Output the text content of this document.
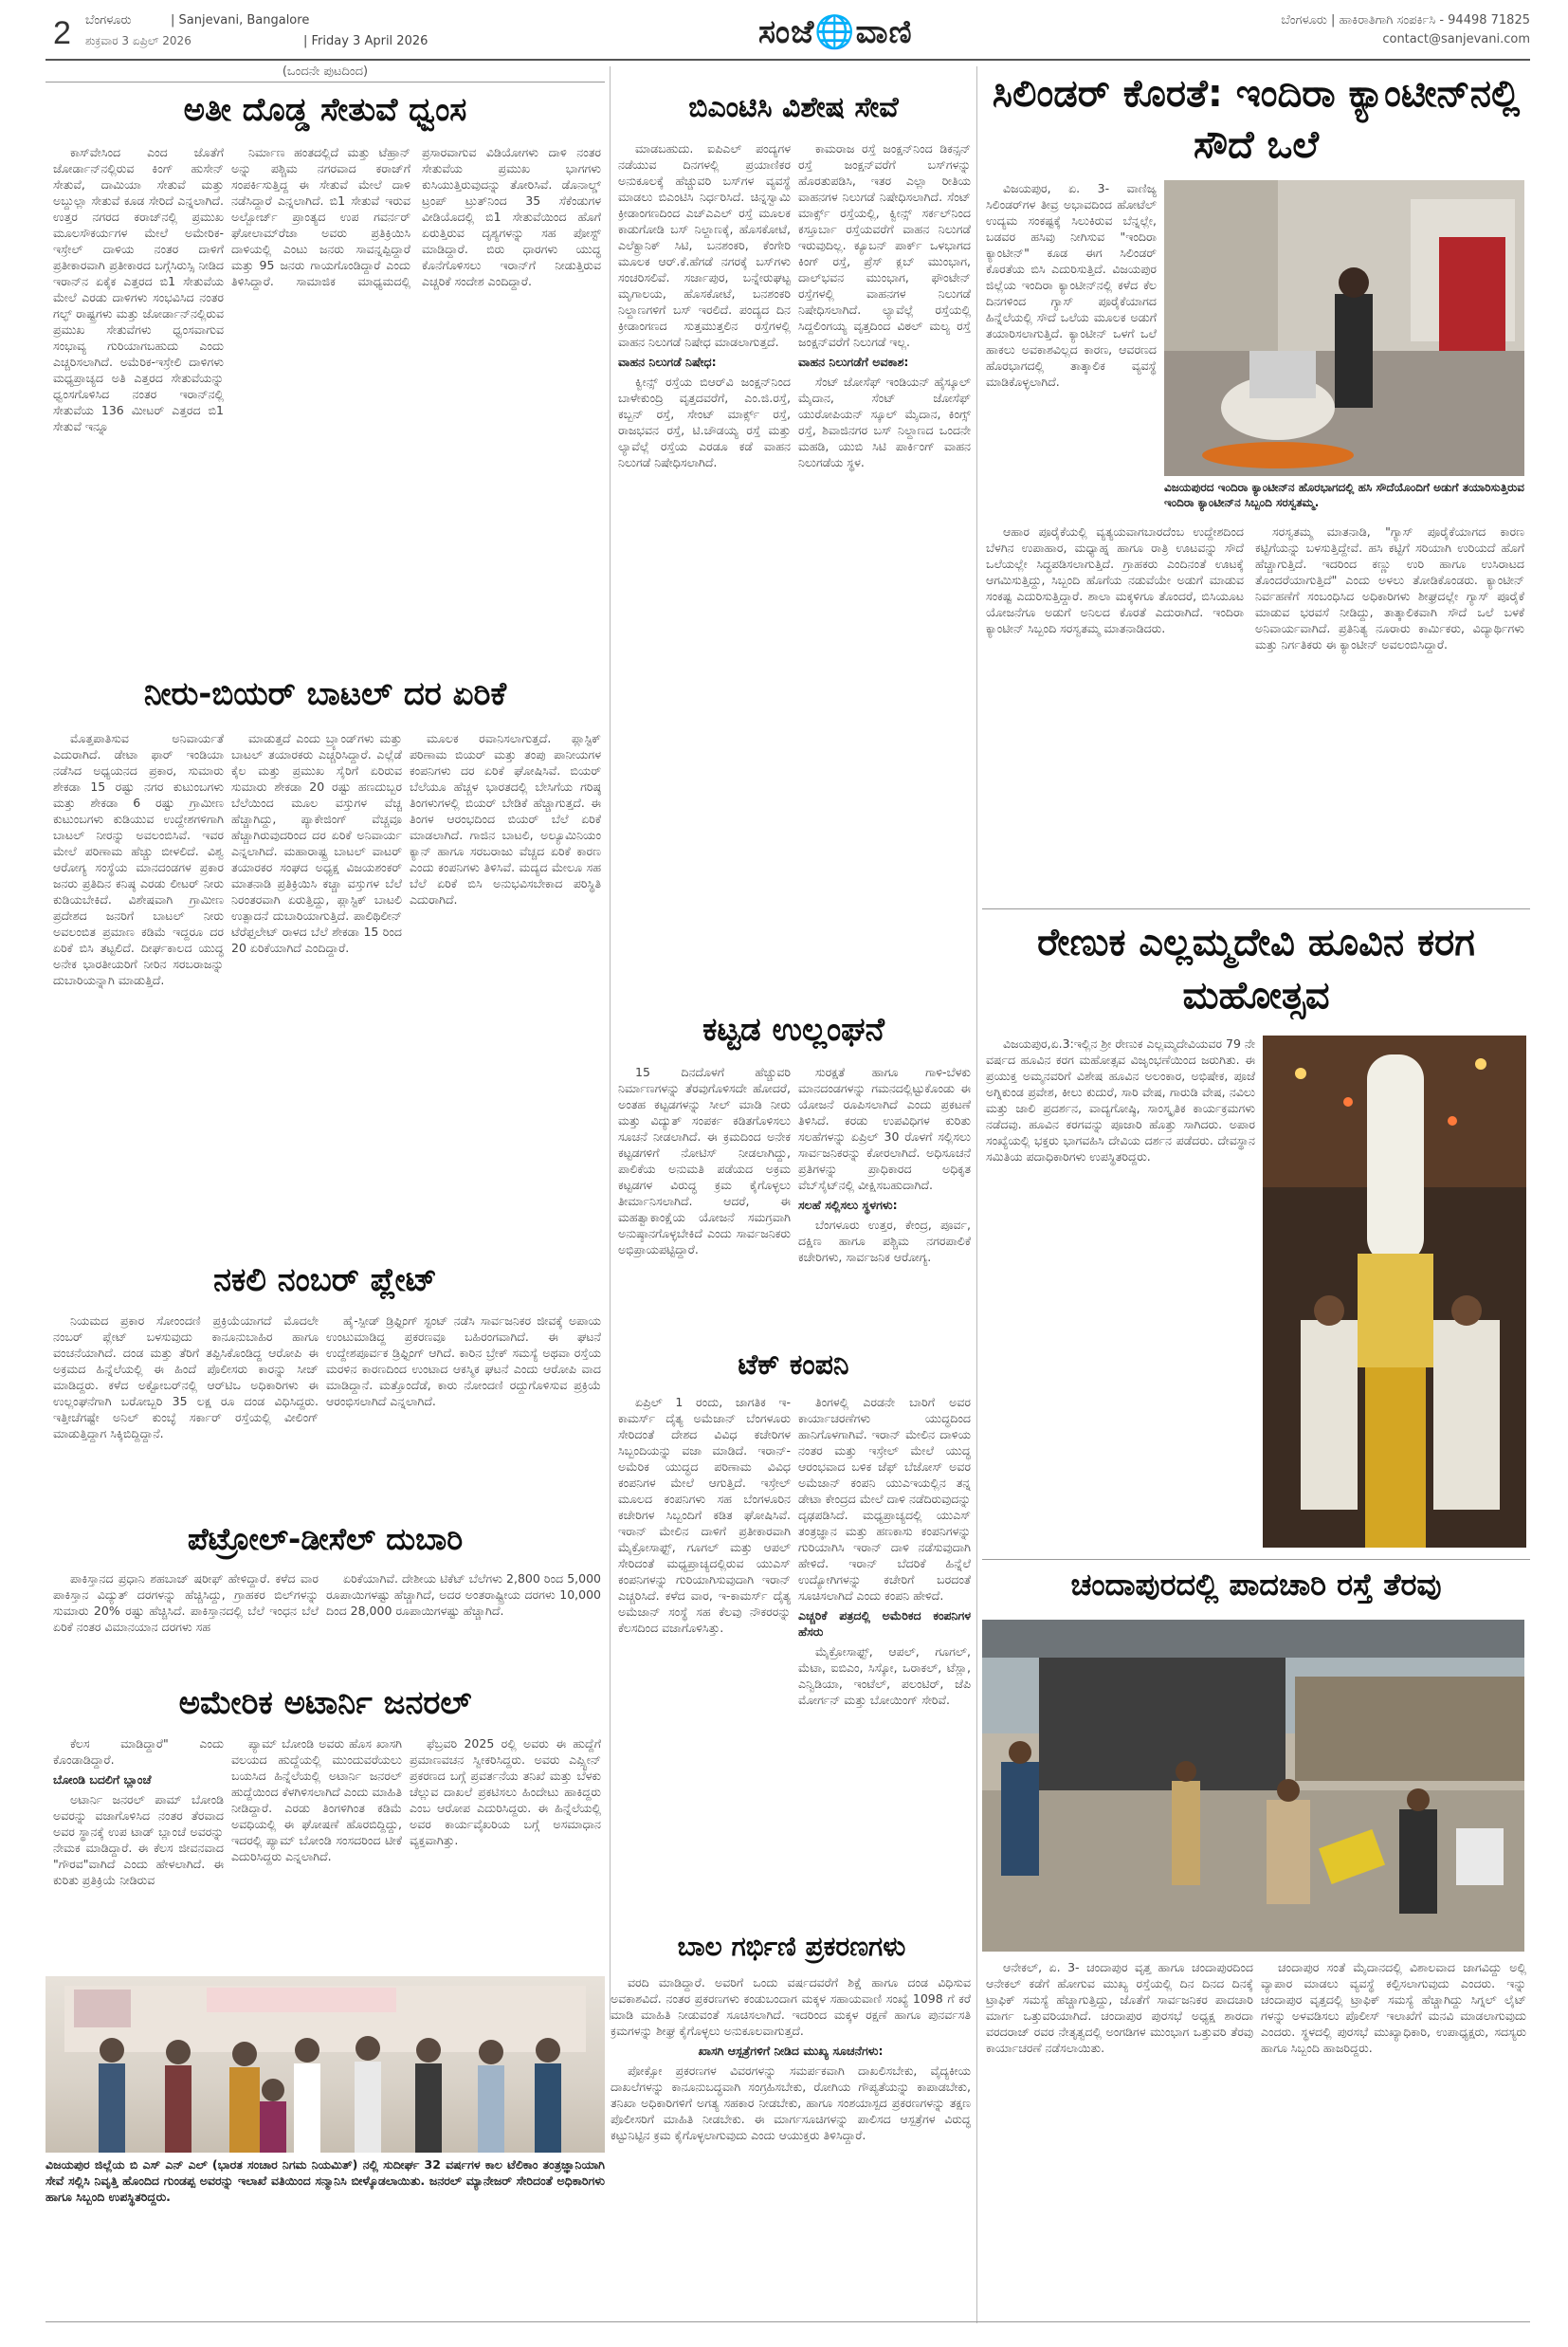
2 ಬೆಂಗಳೂರು	| Sanjevani, Bangalore
ಶುಕ್ರವಾರ 3 ಏಪ್ರಿಲ್ 2026	| Friday 3 April 2026	ಸಂಜೆ🌐ವಾಣಿ	ಬೆಂಗಳೂರು | ಹಾಕಿರಾತಿಗಾಗಿ ಸಂಪರ್ಕಿಸಿ - 94498 71825
contact@sanjevani.com
(ಒಂದನೇ ಪುಟದಿಂದ)
ಅತೀ ದೊಡ್ಡ ಸೇತುವೆ ಧ್ವಂಸ

ಕಾಸ್‌ವೇಸಿಂದ ಎಂದ ಜೊತೆಗೆ ಜೋರ್ಡಾನ್‌ನಲ್ಲಿರುವ ಕಿಂಗ್ ಹುಸೇನ್ ಸೇತುವೆ, ದಾಮಿಯಾ ಸೇತುವೆ ಮತ್ತು ಅಬ್ದುಲ್ಲಾ ಸೇತುವೆ ಕೂಡ ಸೇರಿದೆ ಎನ್ನಲಾಗಿದೆ. ಉತ್ತರ ನಗರದ ಕರಾಜ್‌ನಲ್ಲಿ ಪ್ರಮುಖ ಮೂಲಸೌಕರ್ಯಗಳ ಮೇಲೆ ಅಮೇರಿಕ-ಇಸ್ರೇಲ್ ದಾಳಿಯ ನಂತರ ದಾಳಿಗೆ ಪ್ರತೀಕಾರವಾಗಿ ಪ್ರತೀಕಾರದ ಬಗ್ಗೆಸಿರುಸ್ಸಿ ನೀಡಿದ ಇರಾನ್‌ನ ಏಕೈಕ ಎತ್ತರದ ಬಿ1 ಸೇತುವೆಯ ಮೇಲೆ ಎರಡು ದಾಳಿಗಳು ಸಂಭವಿಸಿದ ನಂತರ ಗಲ್ಫ್ ರಾಷ್ಟ್ರಗಳು ಮತ್ತು ಜೋರ್ಡಾನ್‌ನಲ್ಲಿರುವ ಪ್ರಮುಖ ಸೇತುವೆಗಳು ಧ್ವಂಸವಾಗುವ ಸಂಭಾವ್ಯ ಗುರಿಯಾಗಬಹುದು ಎಂದು ಎಚ್ಚರಿಸಲಾಗಿದೆ. ಅಮೆರಿಕ-ಇಸ್ರೇಲಿ ದಾಳಿಗಳು ಮಧ್ಯಪ್ರಾಚ್ಯದ ಅತಿ ಎತ್ತರದ ಸೇತುವೆಯನ್ನು ಧ್ವಂಸಗೊಳಿಸಿದ ನಂತರ ಇರಾನ್‌ನಲ್ಲಿ ಸೇತುವೆಯ 136 ಮೀಟರ್ ಎತ್ತರದ ಬಿ1 ಸೇತುವೆ ಇನ್ನೂ

ನಿರ್ಮಾಣ ಹಂತದಲ್ಲಿದೆ ಮತ್ತು ಟೆಹ್ರಾನ್ ಅನ್ನು ಪಶ್ಚಿಮ ನಗರವಾದ ಕರಾಜ್‌ಗೆ ಸಂಪರ್ಕಿಸುತ್ತಿದ್ದ ಈ ಸೇತುವೆ ಮೇಲೆ ದಾಳಿ ನಡೆಸಿದ್ದಾರೆ ಎನ್ನಲಾಗಿದೆ. ಬಿ1 ಸೇತುವೆ ಇರುವ ಅಲ್ಬೋರ್ಜ್ ಪ್ರಾಂತ್ಯದ ಉಪ ಗವರ್ನರ್ ಘೋಲಾಮ್‌ರೆಜಾ ಅವರು ಪ್ರತಿಕ್ರಿಯಿಸಿ ದಾಳಿಯಲ್ಲಿ ಎಂಟು ಜನರು ಸಾವನ್ನಪ್ಪಿದ್ದಾರೆ ಮತ್ತು 95 ಜನರು ಗಾಯಗೊಂಡಿದ್ದಾರೆ ಎಂದು ತಿಳಿಸಿದ್ದಾರೆ. ಸಾಮಾಜಿಕ ಮಾಧ್ಯಮದಲ್ಲಿ ಪ್ರಸಾರವಾಗುವ ವಿಡಿಯೋಗಳು ದಾಳಿ ನಂತರ ಸೇತುವೆಯ ಪ್ರಮುಖ ಭಾಗಗಳು ಕುಸಿಯುತ್ತಿರುವುದನ್ನು ತೋರಿಸಿವೆ. ಡೊನಾಲ್ಡ್ ಟ್ರಂಪ್ ಟ್ರುತ್‌ನಿಂದ 35 ಸೆಕೆಂಡುಗಳ ವೀಡಿಯೊದಲ್ಲಿ ಬಿ1 ಸೇತುವೆಯಿಂದ ಹೊಗೆ ಏರುತ್ತಿರುವ ದೃಶ್ಯಗಳನ್ನು ಸಹ ಪೋಸ್ಟ್ ಮಾಡಿದ್ದಾರೆ. ಬಿರು ಧಾರಗಳು ಯುದ್ಧ ಕೊನೆಗೊಳಿಸಲು ಇರಾನ್‌ಗೆ ನೀಡುತ್ತಿರುವ ಎಚ್ಚರಿಕೆ ಸಂದೇಶ ಎಂದಿದ್ದಾರೆ.

ನೀರು-ಬಿಯರ್ ಬಾಟಲ್ ದರ ಏರಿಕೆ

ಮೊತ್ತಪಾತಿಸುವ ಅನಿವಾರ್ಯತೆ ಎದುರಾಗಿದೆ. ಡೇಟಾ ಫಾರ್ ಇಂಡಿಯಾ ನಡೆಸಿದ ಅಧ್ಯಯನದ ಪ್ರಕಾರ, ಸುಮಾರು ಶೇಕಡಾ 15 ರಷ್ಟು ನಗರ ಕುಟುಂಬಗಳು ಮತ್ತು ಶೇಕಡಾ 6 ರಷ್ಟು ಗ್ರಾಮೀಣ ಕುಟುಂಬಗಳು ಕುಡಿಯುವ ಉದ್ದೇಶಗಳಿಗಾಗಿ ಬಾಟಲ್ ನೀರನ್ನು ಅವಲಂಬಿಸಿವೆ. ಇವರ ಮೇಲೆ ಪರಿಣಾಮ ಹೆಚ್ಚು ಬೀಳಲಿದೆ. ವಿಶ್ವ ಆರೋಗ್ಯ ಸಂಸ್ಥೆಯ ಮಾನದಂಡಗಳ ಪ್ರಕಾರ ಜನರು ಪ್ರತಿದಿನ ಕನಿಷ್ಠ ಎರಡು ಲೀಟರ್ ನೀರು ಕುಡಿಯಬೇಕಿದೆ. ವಿಶೇಷವಾಗಿ ಗ್ರಾಮೀಣ ಪ್ರದೇಶದ ಜನರಿಗೆ ಬಾಟಲ್ ನೀರು ಅವಲಂಬಿತ ಪ್ರಮಾಣ ಕಡಿಮೆ ಇದ್ದರೂ ದರ ಏರಿಕೆ ಬಿಸಿ ತಟ್ಟಲಿದೆ. ದೀರ್ಘಕಾಲದ ಯುದ್ಧ ಅನೇಕ ಭಾರತೀಯರಿಗೆ ನೀರಿನ ಸರಬರಾಜನ್ನು ದುಬಾರಿಯನ್ನಾಗಿ ಮಾಡುತ್ತಿದೆ.

ಮಾಡುತ್ತದೆ ಎಂದು ಬ್ರ್ಯಾಂಡ್‌ಗಳು ಮತ್ತು ಬಾಟಲ್ ತಯಾರಕರು ಎಚ್ಚರಿಸಿದ್ದಾರೆ. ಎಲ್ಲೆಡೆ ಕೈಲ ಮತ್ತು ಪ್ರಮುಖ ಸೈರಿಗೆ ಏರಿರುವ ಸುಮಾರು ಶೇಕಡಾ 20 ರಷ್ಟು ಹಣದುಬ್ಬರ ಬೆಲೆಯಿಂದ ಮೂಲ ವಸ್ತುಗಳ ವೆಚ್ಚ ಹೆಚ್ಚಾಗಿದ್ದು, ಪ್ಯಾಕೇಜಿಂಗ್ ವೆಚ್ಚವೂ ಹೆಚ್ಚಾಗಿರುವುದರಿಂದ ದರ ಏರಿಕೆ ಅನಿವಾರ್ಯ ಎನ್ನಲಾಗಿದೆ. ಮಹಾರಾಷ್ಟ್ರ ಬಾಟಲ್ ವಾಟರ್ ತಯಾರಕರ ಸಂಘದ ಅಧ್ಯಕ್ಷ ವಿಜಯಶಂಕರ್ ಮಾತನಾಡಿ ಪ್ರತಿಕ್ರಿಯಿಸಿ ಕಚ್ಚಾ ವಸ್ತುಗಳ ಬೆಲೆ ನಿರಂತರವಾಗಿ ಏರುತ್ತಿದ್ದು, ಪ್ಲಾಸ್ಟಿಕ್ ಬಾಟಲಿ ಉತ್ಪಾದನೆ ದುಬಾರಿಯಾಗುತ್ತಿದೆ. ಪಾಲಿಥಿಲೀನ್ ಟೆರೆಫ್ತಲೇಟ್ ರಾಳದ ಬೆಲೆ ಶೇಕಡಾ 15 ರಿಂದ 20 ಏರಿಕೆಯಾಗಿದೆ ಎಂದಿದ್ದಾರೆ.

ಮೂಲಕ ರವಾನಿಸಲಾಗುತ್ತದೆ. ಪ್ಲಾಸ್ಟಿಕ್ ಪರಿಣಾಮ ಬಿಯರ್ ಮತ್ತು ತಂಪು ಪಾನೀಯಗಳ ಕಂಪನಿಗಳು ದರ ಏರಿಕೆ ಘೋಷಿಸಿವೆ. ಬಿಯರ್ ಬೆಲೆಯೂ ಹೆಚ್ಚಳ ಭಾರತದಲ್ಲಿ ಬೇಸಿಗೆಯ ಗರಿಷ್ಠ ತಿಂಗಳುಗಳಲ್ಲಿ ಬಿಯರ್ ಬೇಡಿಕೆ ಹೆಚ್ಚಾಗುತ್ತದೆ. ಈ ತಿಂಗಳ ಆರಂಭದಿಂದ ಬಿಯರ್ ಬೆಲೆ ಏರಿಕೆ ಮಾಡಲಾಗಿದೆ. ಗಾಜಿನ ಬಾಟಲಿ, ಅಲ್ಯೂಮಿನಿಯಂ ಕ್ಯಾನ್ ಹಾಗೂ ಸರಬರಾಜು ವೆಚ್ಚದ ಏರಿಕೆ ಕಾರಣ ಎಂದು ಕಂಪನಿಗಳು ತಿಳಿಸಿವೆ. ಮದ್ಯದ ಮೇಲೂ ಸಹ ಬೆಲೆ ಏರಿಕೆ ಬಿಸಿ ಅನುಭವಿಸಬೇಕಾದ ಪರಿಸ್ಥಿತಿ ಎದುರಾಗಿದೆ.

ನಕಲಿ ನಂಬರ್ ಪ್ಲೇಟ್

ನಿಯಮದ ಪ್ರಕಾರ ಸೋಂಂದಣಿ ಪ್ರಕ್ರಿಯೆಯಾಗದೆ ಮೊದಲೇ ನಂಬರ್ ಪ್ಲೇಟ್ ಬಳಸುವುದು ಕಾನೂನುಬಾಹಿರ ಹಾಗೂ ವಂಚನೆಯಾಗಿದೆ. ದಂಡ ಮತ್ತು ತೆರಿಗೆ ತಪ್ಪಿಸಿಕೊಂಡಿದ್ದ ಆರೋಪಿ ಈ ಅಕ್ರಮದ ಹಿನ್ನೆಲೆಯಲ್ಲಿ ಈ ಹಿಂದೆ ಪೊಲೀಸರು ಕಾರನ್ನು ಸೀಜ್ ಮಾಡಿದ್ದರು. ಕಳೆದ ಅಕ್ಟೋಬರ್‌ನಲ್ಲಿ ಆರ್‌ಟಿಒ ಅಧಿಕಾರಿಗಳು ಈ ಉಲ್ಲಂಘನೆಗಾಗಿ ಬರೋಬ್ಬರಿ 35 ಲಕ್ಷ ರೂ ದಂಡ ವಿಧಿಸಿದ್ದರು. ಇತ್ತೀಚೆಗಷ್ಟೇ ಅನಿಲ್ ಕುಂಬ್ಳೆ ಸರ್ಕಾರ್ ರಸ್ತೆಯಲ್ಲಿ ವೀಲಿಂಗ್ ಮಾಡುತ್ತಿದ್ದಾಗ ಸಿಕ್ಕಿಬಿದ್ದಿದ್ದಾನೆ.

ಹೈ-ಸ್ಪೀಡ್ ಡ್ರಿಫ್ಟಿಂಗ್ ಸ್ಟಂಟ್ ನಡೆಸಿ ಸಾರ್ವಜನಿಕರ ಜೀವಕ್ಕೆ ಅಪಾಯ ಉಂಟುಮಾಡಿದ್ದ ಪ್ರಕರಣವೂ ಬಹಿರಂಗವಾಗಿದೆ. ಈ ಘಟನೆ ಉದ್ದೇಶಪೂರ್ವಕ ಡ್ರಿಫ್ಟಿಂಗ್ ಆಗಿದೆ. ಕಾರಿನ ಬ್ರೇಕ್ ಸಮಸ್ಯೆ ಅಥವಾ ರಸ್ತೆಯ ಮರಳಿನ ಕಾರಣದಿಂದ ಉಂಟಾದ ಆಕಸ್ಮಿಕ ಘಟನೆ ಎಂದು ಆರೋಪಿ ವಾದ ಮಾಡಿದ್ದಾನೆ. ಮತ್ತೊಂದೆಡೆ, ಕಾರು ನೋಂದಣಿ ರದ್ದುಗೊಳಿಸುವ ಪ್ರಕ್ರಿಯೆ ಆರಂಭಿಸಲಾಗಿದೆ ಎನ್ನಲಾಗಿದೆ.

ಪೆಟ್ರೋಲ್-ಡೀಸೆಲ್ ದುಬಾರಿ

ಪಾಕಿಸ್ತಾನದ ಪ್ರಧಾನಿ ಶಹಬಾಜ್ ಷರೀಫ್ ಹೇಳಿದ್ದಾರೆ. ಕಳೆದ ವಾರ ಪಾಕಿಸ್ತಾನ ವಿದ್ಯುತ್ ದರಗಳನ್ನು ಹೆಚ್ಚಿಸಿದ್ದು, ಗ್ರಾಹಕರ ಬಿಲ್‌ಗಳನ್ನು ಸುಮಾರು 20% ರಷ್ಟು ಹೆಚ್ಚಿಸಿದೆ. ಪಾಕಿಸ್ತಾನದಲ್ಲಿ ಬೆಲೆ ಇಂಧನ ಬೆಲೆ ಏರಿಕೆ ನಂತರ ವಿಮಾನಯಾನ ದರಗಳು ಸಹ

ಏರಿಕೆಯಾಗಿವೆ. ದೇಶೀಯ ಟಿಕೆಟ್ ಬೆಲೆಗಳು 2,800 ರಿಂದ 5,000 ರೂಪಾಯಿಗಳಷ್ಟು ಹೆಚ್ಚಾಗಿದೆ, ಅದರ ಅಂತರಾಷ್ಟ್ರೀಯ ದರಗಳು 10,000 ದಿಂದ 28,000 ರೂಪಾಯಿಗಳಷ್ಟು ಹೆಚ್ಚಾಗಿದೆ.

ಅಮೇರಿಕ ಅಟಾರ್ನಿ ಜನರಲ್

ಕೆಲಸ ಮಾಡಿದ್ದಾರೆ" ಎಂದು ಕೊಂಡಾಡಿದ್ದಾರೆ.

ಬೋಂಡಿ ಬದಲಿಗೆ ಬ್ಲಾಂಚೆ

ಅಟಾರ್ನಿ ಜನರಲ್ ಪಾಮ್ ಬೋಂಡಿ ಅವರನ್ನು ವಜಾಗೊಳಿಸಿದ ನಂತರ ತೆರವಾದ ಅವರ ಸ್ಥಾನಕ್ಕೆ ಉಪ ಟಾಡ್ ಬ್ಲಾಂಚೆ ಅವರನ್ನು ನೇಮಕ ಮಾಡಿದ್ದಾರೆ. ಈ ಕೆಲಸ ಜೀವನವಾದ "ಗೌರವ"ವಾಗಿದೆ ಎಂದು ಹೇಳಲಾಗಿದೆ. ಈ ಕುರಿತು ಪ್ರತಿಕ್ರಿಯೆ ನೀಡಿರುವ

ಪ್ಯಾಮ್ ಬೋಂಡಿ ಅವರು ಹೊಸ ಖಾಸಗಿ ವಲಯದ ಹುದ್ದೆಯಲ್ಲಿ ಮುಂದುವರೆಯಲು ಬಯಸಿದ ಹಿನ್ನೆಲೆಯಲ್ಲಿ ಅಟಾರ್ನಿ ಜನರಲ್ ಹುದ್ದೆಯಿಂದ ಕೆಳಗಿಳಿಸಲಾಗಿದೆ ಎಂದು ಮಾಹಿತಿ ನೀಡಿದ್ದಾರೆ. ಎರಡು ತಿಂಗಳಿಗಿಂತ ಕಡಿಮೆ ಅವಧಿಯಲ್ಲಿ ಈ ಘೋಷಣೆ ಹೊರಬಿದ್ದಿದ್ದು, ಇದರಲ್ಲಿ ಪ್ಯಾಮ್ ಬೋಂಡಿ ಸಂಸದರಿಂದ ಟೀಕೆ ಎದುರಿಸಿದ್ದರು ಎನ್ನಲಾಗಿದೆ.

ಫೆಬ್ರವರಿ 2025 ರಲ್ಲಿ ಅವರು ಈ ಹುದ್ದೆಗೆ ಪ್ರಮಾಣವಚನ ಸ್ವೀಕರಿಸಿದ್ದರು. ಅವರು ಎಪ್ಸ್ಟೀನ್ ಪ್ರಕರಣದ ಬಗ್ಗೆ ಪ್ರವರ್ತನೆಯ ತನಿಖೆ ಮತ್ತು ಬೆಳಕು ಚೆಲ್ಲುವ ದಾಖಲೆ ಪ್ರಕಟಿಸಲು ಹಿಂದೇಟು ಹಾಕಿದ್ದರು ಎಂಬ ಆರೋಪ ಎದುರಿಸಿದ್ದರು. ಈ ಹಿನ್ನೆಲೆಯಲ್ಲಿ ಅವರ ಕಾರ್ಯವೈಖರಿಯ ಬಗ್ಗೆ ಅಸಮಾಧಾನ ವ್ಯಕ್ತವಾಗಿತ್ತು.

ವಿಜಯಪುರ ಜಿಲ್ಲೆಯ ಬಿ ಎಸ್ ಎನ್ ಎಲ್ (ಭಾರತ ಸಂಚಾರ ನಿಗಮ ನಿಯಮಿತ್) ನಲ್ಲಿ ಸುದೀರ್ಘ 32 ವರ್ಷಗಳ ಕಾಲ ಟೆಲಿಕಾಂ ತಂತ್ರಜ್ಞಾನಿಯಾಗಿ ಸೇವೆ ಸಲ್ಲಿಸಿ ನಿವೃತ್ತಿ ಹೊಂದಿದ ಗುಂಡಪ್ಪ ಅವರನ್ನು ಇಲಾಖೆ ವತಿಯಿಂದ ಸನ್ಮಾನಿಸಿ ಬೀಳ್ಕೊಡಲಾಯಿತು. ಜನರಲ್ ಮ್ಯಾನೇಜರ್ ಸೇರಿದಂತೆ ಅಧಿಕಾರಿಗಳು ಹಾಗೂ ಸಿಬ್ಬಂದಿ ಉಪಸ್ಥಿತರಿದ್ದರು.
ಬಿಎಂಟಿಸಿ ವಿಶೇಷ ಸೇವೆ

ಮಾಡಬಹುದು. ಐಪಿಎಲ್ ಪಂದ್ಯಗಳ ನಡೆಯುವ ದಿನಗಳಲ್ಲಿ ಪ್ರಯಾಣಿಕರ ಅನುಕೂಲಕ್ಕೆ ಹೆಚ್ಚುವರಿ ಬಸ್‌ಗಳ ವ್ಯವಸ್ಥೆ ಮಾಡಲು ಬಿಎಂಟಿಸಿ ನಿರ್ಧರಿಸಿದೆ. ಚಿನ್ನಸ್ವಾಮಿ ಕ್ರೀಡಾಂಗಣದಿಂದ ಎಚ್‌ಎಎಲ್ ರಸ್ತೆ ಮೂಲಕ ಕಾಡುಗೋಡಿ ಬಸ್ ನಿಲ್ದಾಣಕ್ಕೆ, ಹೊಸಕೋಟೆ, ಎಲೆಕ್ಟ್ರಾನಿಕ್ ಸಿಟಿ, ಬನಶಂಕರಿ, ಕೆಂಗೇರಿ ಮೂಲಕ ಆರ್.ಕೆ.ಹೆಗಡೆ ನಗರಕ್ಕೆ ಬಸ್‌ಗಳು ಸಂಚರಿಸಲಿವೆ. ಸರ್ಜಾಪುರ, ಬನ್ನೇರುಘಟ್ಟ ಮೃಗಾಲಯ, ಹೊಸಕೋಟೆ, ಬನಶಂಕರಿ ನಿಲ್ದಾಣಗಳಿಗೆ ಬಸ್ ಇರಲಿದೆ. ಪಂದ್ಯದ ದಿನ ಕ್ರೀಡಾಂಗಣದ ಸುತ್ತಮುತ್ತಲಿನ ರಸ್ತೆಗಳಲ್ಲಿ ವಾಹನ ನಿಲುಗಡೆ ನಿಷೇಧ ಮಾಡಲಾಗುತ್ತದೆ.

ವಾಹನ ನಿಲುಗಡೆ ನಿಷೇಧ:

ಕ್ವೀನ್ಸ್ ರಸ್ತೆಯ ಬಿಆರ್‌ವಿ ಜಂಕ್ಷನ್‌ನಿಂದ ಬಾಳೇಕುಂದ್ರಿ ವೃತ್ತದವರೆಗೆ, ಎಂ.ಜಿ.ರಸ್ತೆ, ಕಬ್ಬನ್ ರಸ್ತೆ, ಸೇಂಟ್ ಮಾರ್ಕ್ಸ್ ರಸ್ತೆ, ರಾಜಭವನ ರಸ್ತೆ, ಟಿ.ಚೌಡಯ್ಯ ರಸ್ತೆ ಮತ್ತು ಲ್ಯಾವೆಲ್ಲೆ ರಸ್ತೆಯ ಎರಡೂ ಕಡೆ ವಾಹನ ನಿಲುಗಡೆ ನಿಷೇಧಿಸಲಾಗಿದೆ.

ಕಾಮರಾಜ ರಸ್ತೆ ಜಂಕ್ಷನ್‌ನಿಂದ ಡಿಕನ್ಸನ್ ರಸ್ತೆ ಜಂಕ್ಷನ್‌ವರೆಗೆ ಬಸ್‌ಗಳನ್ನು ಹೊರತುಪಡಿಸಿ, ಇತರ ಎಲ್ಲಾ ರೀತಿಯ ವಾಹನಗಳ ನಿಲುಗಡೆ ನಿಷೇಧಿಸಲಾಗಿದೆ. ಸೆಂಟ್ ಮಾರ್ಕ್ಸ್ ರಸ್ತೆಯಲ್ಲಿ, ಕ್ವೀನ್ಸ್ ಸರ್ಕಲ್‌ನಿಂದ ಕಸ್ತೂರ್ಬಾ ರಸ್ತೆಯವರೆಗೆ ವಾಹನ ನಿಲುಗಡೆ ಇರುವುದಿಲ್ಲ. ಕ್ಯೂಬನ್ ಪಾರ್ಕ್ ಒಳಭಾಗದ ಕಿಂಗ್ ರಸ್ತೆ, ಪ್ರೆಸ್ ಕ್ಲಬ್ ಮುಂಭಾಗ, ದಾಲ್‌ಭವನ ಮುಂಭಾಗ, ಫೌಂಟೇನ್ ರಸ್ತೆಗಳಲ್ಲಿ ವಾಹನಗಳ ನಿಲುಗಡೆ ನಿಷೇಧಿಸಲಾಗಿದೆ. ಲ್ಯಾವೆಲ್ಲೆ ರಸ್ತೆಯಲ್ಲಿ ಸಿದ್ದಲಿಂಗಯ್ಯ ವೃತ್ತದಿಂದ ವಿಠಲ್ ಮಲ್ಯ ರಸ್ತೆ ಜಂಕ್ಷನ್‌ವರೆಗೆ ನಿಲುಗಡೆ ಇಲ್ಲ.

ವಾಹನ ನಿಲುಗಡೆಗೆ ಅವಕಾಶ:

ಸೆಂಟ್ ಜೋಸೆಫ್ ಇಂಡಿಯನ್ ಹೈಸ್ಕೂಲ್ ಮೈದಾನ, ಸೆಂಟ್ ಜೋಸೆಫ್ ಯುರೋಪಿಯನ್ ಸ್ಕೂಲ್ ಮೈದಾನ, ಕಿಂಗ್ಸ್ ರಸ್ತೆ, ಶಿವಾಜಿನಗರ ಬಸ್ ನಿಲ್ದಾಣದ ಒಂದನೇ ಮಹಡಿ, ಯುಬಿ ಸಿಟಿ ಪಾರ್ಕಿಂಗ್ ವಾಹನ ನಿಲುಗಡೆಯ ಸ್ಥಳ.

ಕಟ್ಟಡ ಉಲ್ಲಂಘನೆ

15 ದಿನದೊಳಗೆ ಹೆಚ್ಚುವರಿ ನಿರ್ಮಾಣಗಳನ್ನು ತೆರವುಗೊಳಿಸದೇ ಹೋದರೆ, ಅಂತಹ ಕಟ್ಟಡಗಳನ್ನು ಸೀಲ್ ಮಾಡಿ ನೀರು ಮತ್ತು ವಿದ್ಯುತ್ ಸಂಪರ್ಕ ಕಡಿತಗೊಳಿಸಲು ಸೂಚನೆ ನೀಡಲಾಗಿದೆ. ಈ ಕ್ರಮದಿಂದ ಅನೇಕ ಕಟ್ಟಡಗಳಿಗೆ ನೋಟಿಸ್ ನೀಡಲಾಗಿದ್ದು, ಪಾಲಿಕೆಯ ಅನುಮತಿ ಪಡೆಯದ ಅಕ್ರಮ ಕಟ್ಟಡಗಳ ವಿರುದ್ಧ ಕ್ರಮ ಕೈಗೊಳ್ಳಲು ತೀರ್ಮಾನಿಸಲಾಗಿದೆ. ಆದರೆ, ಈ ಮಹತ್ವಾಕಾಂಕ್ಷೆಯ ಯೋಜನೆ ಸಮಗ್ರವಾಗಿ ಅನುಷ್ಠಾನಗೊಳ್ಳಬೇಕಿದೆ ಎಂದು ಸಾರ್ವಜನಿಕರು ಅಭಿಪ್ರಾಯಪಟ್ಟಿದ್ದಾರೆ.

ಸುರಕ್ಷತೆ ಹಾಗೂ ಗಾಳಿ-ಬೆಳಕು ಮಾನದಂಡಗಳನ್ನು ಗಮನದಲ್ಲಿಟ್ಟುಕೊಂಡು ಈ ಯೋಜನೆ ರೂಪಿಸಲಾಗಿದೆ ಎಂದು ಪ್ರಕಟಣೆ ತಿಳಿಸಿದೆ. ಕರಡು ಉಪವಿಧಿಗಳ ಕುರಿತು ಸಲಹೆಗಳನ್ನು ಏಪ್ರಿಲ್ 30 ರೊಳಗೆ ಸಲ್ಲಿಸಲು ಸಾರ್ವಜನಿಕರನ್ನು ಕೋರಲಾಗಿದೆ. ಅಧಿಸೂಚನೆ ಪ್ರತಿಗಳನ್ನು ಪ್ರಾಧಿಕಾರದ ಅಧಿಕೃತ ವೆಬ್‌ಸೈಟ್‌ನಲ್ಲಿ ವೀಕ್ಷಿಸಬಹುದಾಗಿದೆ.

ಸಲಹೆ ಸಲ್ಲಿಸಲು ಸ್ಥಳಗಳು:

ಬೆಂಗಳೂರು ಉತ್ತರ, ಕೇಂದ್ರ, ಪೂರ್ವ, ದಕ್ಷಿಣ ಹಾಗೂ ಪಶ್ಚಿಮ ನಗರಪಾಲಿಕೆ ಕಚೇರಿಗಳು, ಸಾರ್ವಜನಿಕ ಆರೋಗ್ಯ.

ಟೆಕ್ ಕಂಪನಿ

ಏಪ್ರಿಲ್ 1 ರಂದು, ಜಾಗತಿಕ ಇ-ಕಾಮರ್ಸ್ ದೈತ್ಯ ಅಮೆಜಾನ್ ಬೆಂಗಳೂರು ಸೇರಿದಂತೆ ದೇಶದ ವಿವಿಧ ಕಚೇರಿಗಳ ಸಿಬ್ಬಂದಿಯನ್ನು ವಜಾ ಮಾಡಿದೆ. ಇರಾನ್-ಅಮೆರಿಕ ಯುದ್ಧದ ಪರಿಣಾಮ ವಿವಿಧ ಕಂಪನಿಗಳ ಮೇಲೆ ಆಗುತ್ತಿದೆ. ಇಸ್ರೇಲ್ ಮೂಲದ ಕಂಪನಿಗಳು ಸಹ ಬೆಂಗಳೂರಿನ ಕಚೇರಿಗಳ ಸಿಬ್ಬಂದಿಗೆ ಕಡಿತ ಘೋಷಿಸಿವೆ. ಇರಾನ್ ಮೇಲಿನ ದಾಳಿಗೆ ಪ್ರತೀಕಾರವಾಗಿ ಮೈಕ್ರೋಸಾಫ್ಟ್, ಗೂಗಲ್ ಮತ್ತು ಆಪಲ್ ಸೇರಿದಂತೆ ಮಧ್ಯಪ್ರಾಚ್ಯದಲ್ಲಿರುವ ಯುಎಸ್ ಕಂಪನಿಗಳನ್ನು ಗುರಿಯಾಗಿಸುವುದಾಗಿ ಇರಾನ್ ಎಚ್ಚರಿಸಿದೆ. ಕಳೆದ ವಾರ, ಇ-ಕಾಮರ್ಸ್ ದೈತ್ಯ ಅಮೆಜಾನ್ ಸಂಸ್ಥೆ ಸಹ ಕೆಲವು ನೌಕರರನ್ನು ಕೆಲಸದಿಂದ ವಜಾಗೊಳಿಸಿತ್ತು.

ತಿಂಗಳಲ್ಲಿ ಎರಡನೇ ಬಾರಿಗೆ ಅವರ ಕಾರ್ಯಾಚರಣೆಗಳು ಯುದ್ಧದಿಂದ ಹಾನಿಗೊಳಗಾಗಿವೆ. ಇರಾನ್ ಮೇಲಿನ ದಾಳಿಯ ನಂತರ ಮತ್ತು ಇಸ್ರೇಲ್ ಮೇಲೆ ಯುದ್ಧ ಆರಂಭವಾದ ಬಳಿಕ ಜೆಫ್ ಬೆಜೋಸ್ ಅವರ ಅಮೆಜಾನ್ ಕಂಪನಿ ಯುಎಇಯಲ್ಲಿನ ತನ್ನ ಡೇಟಾ ಕೇಂದ್ರದ ಮೇಲೆ ದಾಳಿ ನಡೆದಿರುವುದನ್ನು ದೃಢಪಡಿಸಿದೆ. ಮಧ್ಯಪ್ರಾಚ್ಯದಲ್ಲಿ ಯುಎಸ್ ತಂತ್ರಜ್ಞಾನ ಮತ್ತು ಹಣಕಾಸು ಕಂಪನಿಗಳನ್ನು ಗುರಿಯಾಗಿಸಿ ಇರಾನ್ ದಾಳಿ ನಡೆಸುವುದಾಗಿ ಹೇಳಿದೆ. ಇರಾನ್ ಬೆದರಿಕೆ ಹಿನ್ನೆಲೆ ಉದ್ಯೋಗಿಗಳನ್ನು ಕಚೇರಿಗೆ ಬರದಂತೆ ಸೂಚಿಸಲಾಗಿದೆ ಎಂದು ಕಂಪನಿ ಹೇಳಿದೆ.

ಎಚ್ಚರಿಕೆ ಪತ್ರದಲ್ಲಿ ಅಮೆರಿಕದ ಕಂಪನಿಗಳ ಹೆಸರು

ಮೈಕ್ರೋಸಾಫ್ಟ್, ಆಪಲ್, ಗೂಗಲ್, ಮೆಟಾ, ಐಬಿಎಂ, ಸಿಸ್ಕೋ, ಒರಾಕಲ್, ಟೆಸ್ಲಾ, ಎನ್ವಿಡಿಯಾ, ಇಂಟೆಲ್, ಪಲಂಟಿರ್, ಜೆಪಿ ಮೋರ್ಗನ್ ಮತ್ತು ಬೋಯಿಂಗ್ ಸೇರಿವೆ.

ಬಾಲ ಗರ್ಭಿಣಿ ಪ್ರಕರಣಗಳು

ವರದಿ ಮಾಡಿದ್ದಾರೆ. ಅವರಿಗೆ ಒಂದು ವರ್ಷದವರೆಗೆ ಶಿಕ್ಷೆ ಹಾಗೂ ದಂಡ ವಿಧಿಸುವ ಅವಕಾಶವಿದೆ. ನಂತರ ಪ್ರಕರಣಗಳು ಕಂಡುಬಂದಾಗ ಮಕ್ಕಳ ಸಹಾಯವಾಣಿ ಸಂಖ್ಯೆ 1098 ಗೆ ಕರೆ ಮಾಡಿ ಮಾಹಿತಿ ನೀಡುವಂತೆ ಸೂಚಿಸಲಾಗಿದೆ. ಇದರಿಂದ ಮಕ್ಕಳ ರಕ್ಷಣೆ ಹಾಗೂ ಪುನರ್ವಸತಿ ಕ್ರಮಗಳನ್ನು ಶೀಘ್ರ ಕೈಗೊಳ್ಳಲು ಅನುಕೂಲವಾಗುತ್ತದೆ.

ಖಾಸಗಿ ಆಸ್ಪತ್ರೆಗಳಿಗೆ ನೀಡಿದ ಮುಖ್ಯ ಸೂಚನೆಗಳು:

ಪೋಕ್ಸೋ ಪ್ರಕರಣಗಳ ವಿವರಗಳನ್ನು ಸಮರ್ಪಕವಾಗಿ ದಾಖಲಿಸಬೇಕು, ವೈದ್ಯಕೀಯ ದಾಖಲೆಗಳನ್ನು ಕಾನೂನುಬದ್ಧವಾಗಿ ಸಂಗ್ರಹಿಸಬೇಕು, ರೋಗಿಯ ಗೌಪ್ಯತೆಯನ್ನು ಕಾಪಾಡಬೇಕು, ತನಿಖಾ ಅಧಿಕಾರಿಗಳಿಗೆ ಅಗತ್ಯ ಸಹಕಾರ ನೀಡಬೇಕು, ಹಾಗೂ ಸಂಶಯಾಸ್ಪದ ಪ್ರಕರಣಗಳನ್ನು ತಕ್ಷಣ ಪೊಲೀಸರಿಗೆ ಮಾಹಿತಿ ನೀಡಬೇಕು. ಈ ಮಾರ್ಗಸೂಚಿಗಳನ್ನು ಪಾಲಿಸದ ಆಸ್ಪತ್ರೆಗಳ ವಿರುದ್ಧ ಕಟ್ಟುನಿಟ್ಟಿನ ಕ್ರಮ ಕೈಗೊಳ್ಳಲಾಗುವುದು ಎಂದು ಆಯುಕ್ತರು ತಿಳಿಸಿದ್ದಾರೆ.

ಸಿಲಿಂಡರ್ ಕೊರತೆ: ಇಂದಿರಾ ಕ್ಯಾಂಟೀನ್‌ನಲ್ಲಿ ಸೌದೆ ಒಲೆ

ವಿಜಯಪುರ, ಏ. 3- ವಾಣಿಜ್ಯ ಸಿಲಿಂಡರ್‌ಗಳ ತೀವ್ರ ಅಭಾವದಿಂದ ಹೋಟೆಲ್ ಉದ್ಯಮ ಸಂಕಷ್ಟಕ್ಕೆ ಸಿಲುಕಿರುವ ಬೆನ್ನಲ್ಲೇ, ಬಡವರ ಹಸಿವು ನೀಗಿಸುವ "ಇಂದಿರಾ ಕ್ಯಾಂಟೀನ್" ಕೂಡ ಈಗ ಸಿಲಿಂಡರ್ ಕೊರತೆಯ ಬಿಸಿ ಎದುರಿಸುತ್ತಿದೆ. ವಿಜಯಪುರ ಜಿಲ್ಲೆಯ ಇಂದಿರಾ ಕ್ಯಾಂಟೀನ್‌ನಲ್ಲಿ ಕಳೆದ ಕೆಲ ದಿನಗಳಿಂದ ಗ್ಯಾಸ್ ಪೂರೈಕೆಯಾಗದ ಹಿನ್ನೆಲೆಯಲ್ಲಿ ಸೌದೆ ಒಲೆಯ ಮೂಲಕ ಅಡುಗೆ ತಯಾರಿಸಲಾಗುತ್ತಿದೆ. ಕ್ಯಾಂಟೀನ್ ಒಳಗೆ ಒಲೆ ಹಾಕಲು ಅವಕಾಶವಿಲ್ಲದ ಕಾರಣ, ಆವರಣದ ಹೊರಭಾಗದಲ್ಲಿ ತಾತ್ಕಾಲಿಕ ವ್ಯವಸ್ಥೆ ಮಾಡಿಕೊಳ್ಳಲಾಗಿದೆ.

ವಿಜಯಪುರದ ಇಂದಿರಾ ಕ್ಯಾಂಟೀನ್‌ನ ಹೊರಭಾಗದಲ್ಲಿ ಹಸಿ ಸೌದೆಯೊಂದಿಗೆ ಅಡುಗೆ ತಯಾರಿಸುತ್ತಿರುವ ಇಂದಿರಾ ಕ್ಯಾಂಟೀನ್‌ನ ಸಿಬ್ಬಂದಿ ಸರಸ್ವತಮ್ಮ.

ಆಹಾರ ಪೂರೈಕೆಯಲ್ಲಿ ವ್ಯತ್ಯಯವಾಗಬಾರದೆಂಬ ಉದ್ದೇಶದಿಂದ ಬೆಳಗಿನ ಉಪಾಹಾರ, ಮಧ್ಯಾಹ್ನ ಹಾಗೂ ರಾತ್ರಿ ಊಟವನ್ನು ಸೌದೆ ಒಲೆಯಲ್ಲೇ ಸಿದ್ಧಪಡಿಸಲಾಗುತ್ತಿದೆ. ಗ್ರಾಹಕರು ಎಂದಿನಂತೆ ಊಟಕ್ಕೆ ಆಗಮಿಸುತ್ತಿದ್ದು, ಸಿಬ್ಬಂದಿ ಹೊಗೆಯ ನಡುವೆಯೇ ಅಡುಗೆ ಮಾಡುವ ಸಂಕಷ್ಟ ಎದುರಿಸುತ್ತಿದ್ದಾರೆ. ಶಾಲಾ ಮಕ್ಕಳಿಗೂ ತೊಂದರೆ, ಬಿಸಿಯೂಟ ಯೋಜನೆಗೂ ಅಡುಗೆ ಅನಿಲದ ಕೊರತೆ ಎದುರಾಗಿದೆ. ಇಂದಿರಾ ಕ್ಯಾಂಟೀನ್ ಸಿಬ್ಬಂದಿ ಸರಸ್ವತಮ್ಮ ಮಾತನಾಡಿದರು.

ಸರಸ್ವತಮ್ಮ ಮಾತನಾಡಿ, "ಗ್ಯಾಸ್ ಪೂರೈಕೆಯಾಗದ ಕಾರಣ ಕಟ್ಟಿಗೆಯನ್ನು ಬಳಸುತ್ತಿದ್ದೇವೆ. ಹಸಿ ಕಟ್ಟಿಗೆ ಸರಿಯಾಗಿ ಉರಿಯದೆ ಹೊಗೆ ಹೆಚ್ಚಾಗುತ್ತಿದೆ. ಇದರಿಂದ ಕಣ್ಣು ಉರಿ ಹಾಗೂ ಉಸಿರಾಟದ ತೊಂದರೆಯಾಗುತ್ತಿದೆ" ಎಂದು ಅಳಲು ತೋಡಿಕೊಂಡರು. ಕ್ಯಾಂಟೀನ್ ನಿರ್ವಹಣೆಗೆ ಸಂಬಂಧಿಸಿದ ಅಧಿಕಾರಿಗಳು ಶೀಘ್ರದಲ್ಲೇ ಗ್ಯಾಸ್ ಪೂರೈಕೆ ಮಾಡುವ ಭರವಸೆ ನೀಡಿದ್ದು, ತಾತ್ಕಾಲಿಕವಾಗಿ ಸೌದೆ ಒಲೆ ಬಳಕೆ ಅನಿವಾರ್ಯವಾಗಿದೆ. ಪ್ರತಿನಿತ್ಯ ನೂರಾರು ಕಾರ್ಮಿಕರು, ವಿದ್ಯಾರ್ಥಿಗಳು ಮತ್ತು ನಿರ್ಗತಿಕರು ಈ ಕ್ಯಾಂಟೀನ್ ಅವಲಂಬಿಸಿದ್ದಾರೆ.

ರೇಣುಕ ಎಲ್ಲಮ್ಮದೇವಿ ಹೂವಿನ ಕರಗ ಮಹೋತ್ಸವ

ವಿಜಯಪುರ,ಏ.3:ಇಲ್ಲಿನ ಶ್ರೀ ರೇಣುಕ ಎಲ್ಲಮ್ಮದೇವಿಯವರ 79 ನೇ ವರ್ಷದ ಹೂವಿನ ಕರಗ ಮಹೋತ್ಸವ ವಿಜೃಂಭಣೆಯಿಂದ ಜರುಗಿತು. ಈ ಪ್ರಯುಕ್ತ ಅಮ್ಮನವರಿಗೆ ವಿಶೇಷ ಹೂವಿನ ಅಲಂಕಾರ, ಅಭಿಷೇಕ, ಪೂಜೆ ಅಗ್ನಿಕುಂಡ ಪ್ರವೇಶ, ಕೀಲು ಕುದುರೆ, ಸಾರಿ ವೇಷ, ಗಾರುಡಿ ವೇಷ, ನವಿಲು ಮತ್ತು ಜಾಲಿ ಪ್ರದರ್ಶನ, ವಾದ್ಯಗೋಷ್ಠಿ, ಸಾಂಸ್ಕೃತಿಕ ಕಾರ್ಯಕ್ರಮಗಳು ನಡೆದವು. ಹೂವಿನ ಕರಗವನ್ನು ಪೂಜಾರಿ ಹೊತ್ತು ಸಾಗಿದರು. ಅಪಾರ ಸಂಖ್ಯೆಯಲ್ಲಿ ಭಕ್ತರು ಭಾಗವಹಿಸಿ ದೇವಿಯ ದರ್ಶನ ಪಡೆದರು. ದೇವಸ್ಥಾನ ಸಮಿತಿಯ ಪದಾಧಿಕಾರಿಗಳು ಉಪಸ್ಥಿತರಿದ್ದರು.

ಚಂದಾಪುರದಲ್ಲಿ ಪಾದಚಾರಿ ರಸ್ತೆ ತೆರವು

ಆನೇಕಲ್, ಏ. 3- ಚಂದಾಪುರ ವೃತ್ತ ಹಾಗೂ ಚಂದಾಪುರದಿಂದ ಆನೇಕಲ್ ಕಡೆಗೆ ಹೋಗುವ ಮುಖ್ಯ ರಸ್ತೆಯಲ್ಲಿ ದಿನ ದಿನದ ದಿನಕ್ಕೆ ಟ್ರಾಫಿಕ್ ಸಮಸ್ಯೆ ಹೆಚ್ಚಾಗುತ್ತಿದ್ದು, ಜೊತೆಗೆ ಸಾರ್ವಜನಿಕರ ಪಾದಚಾರಿ ಮಾರ್ಗ ಒತ್ತುವರಿಯಾಗಿದೆ. ಚಂದಾಪುರ ಪುರಸಭೆ ಅಧ್ಯಕ್ಷ ಶಾರದಾ ವರದರಾಜ್ ರವರ ನೇತೃತ್ವದಲ್ಲಿ ಅಂಗಡಿಗಳ ಮುಂಭಾಗ ಒತ್ತುವರಿ ತೆರವು ಕಾರ್ಯಾಚರಣೆ ನಡೆಸಲಾಯಿತು.

ಚಂದಾಪುರ ಸಂತೆ ಮೈದಾನದಲ್ಲಿ ವಿಶಾಲವಾದ ಜಾಗವಿದ್ದು ಅಲ್ಲಿ ವ್ಯಾಪಾರ ಮಾಡಲು ವ್ಯವಸ್ಥೆ ಕಲ್ಪಿಸಲಾಗುವುದು ಎಂದರು. ಇನ್ನು ಚಂದಾಪುರ ವೃತ್ತದಲ್ಲಿ ಟ್ರಾಫಿಕ್ ಸಮಸ್ಯೆ ಹೆಚ್ಚಾಗಿದ್ದು ಸಿಗ್ನಲ್ ಲೈಟ್ ಗಳನ್ನು ಅಳವಡಿಸಲು ಪೊಲೀಸ್ ಇಲಾಖೆಗೆ ಮನವಿ ಮಾಡಲಾಗುವುದು ಎಂದರು. ಸ್ಥಳದಲ್ಲಿ ಪುರಸಭೆ ಮುಖ್ಯಾಧಿಕಾರಿ, ಉಪಾಧ್ಯಕ್ಷರು, ಸದಸ್ಯರು ಹಾಗೂ ಸಿಬ್ಬಂದಿ ಹಾಜರಿದ್ದರು.
